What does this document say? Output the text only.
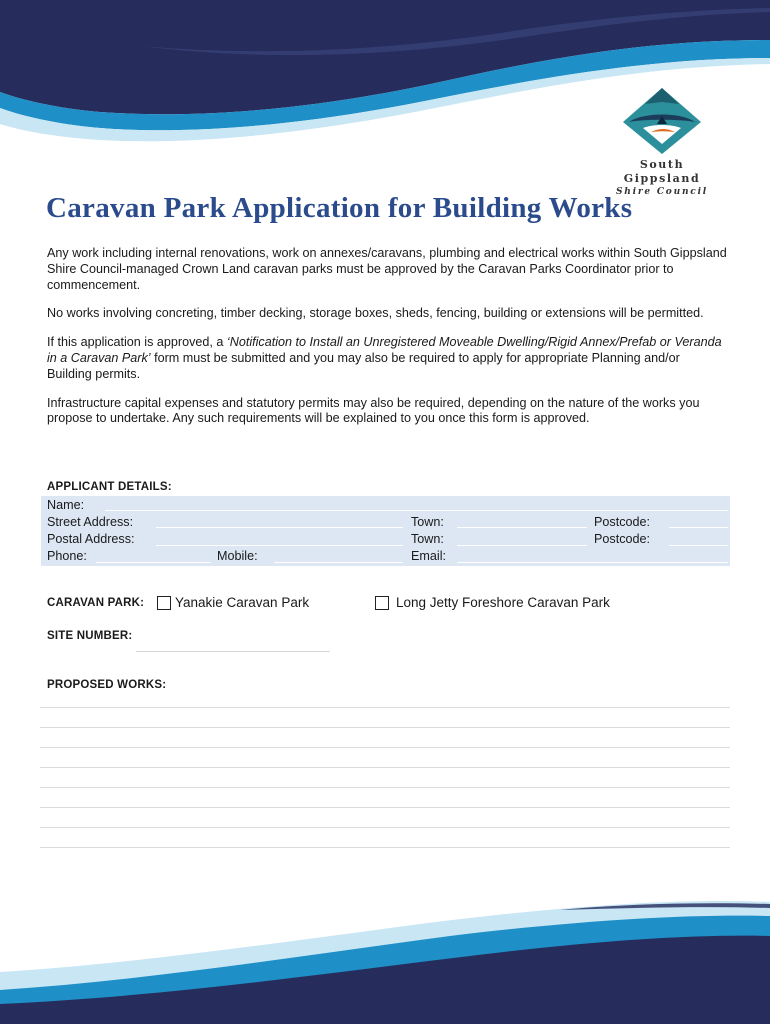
South Gippsland
Shire Council
Caravan Park Application for Building Works

Any work including internal renovations, work on annexes/caravans, plumbing and electrical works within South Gippsland Shire Council-managed Crown Land caravan parks must be approved by the Caravan Parks Coordinator prior to commencement.

No works involving concreting, timber decking, storage boxes, sheds, fencing, building or extensions will be permitted.

If this application is approved, a ‘Notification to Install an Unregistered Moveable Dwelling/Rigid Annex/Prefab or Veranda in a Caravan Park’ form must be submitted and you may also be required to apply for appropriate Planning and/or Building permits.

Infrastructure capital expenses and statutory permits may also be required, depending on the nature of the works you propose to undertake. Any such requirements will be explained to you once this form is approved.

APPLICANT DETAILS:
Name:
Street Address:	Town:	Postcode:
Postal Address:	Town:	Postcode:
Phone:	Mobile:	Email:
CARAVAN PARK: Yanakie Caravan Park	Long Jetty Foreshore Caravan Park
SITE NUMBER:
PROPOSED WORKS:
